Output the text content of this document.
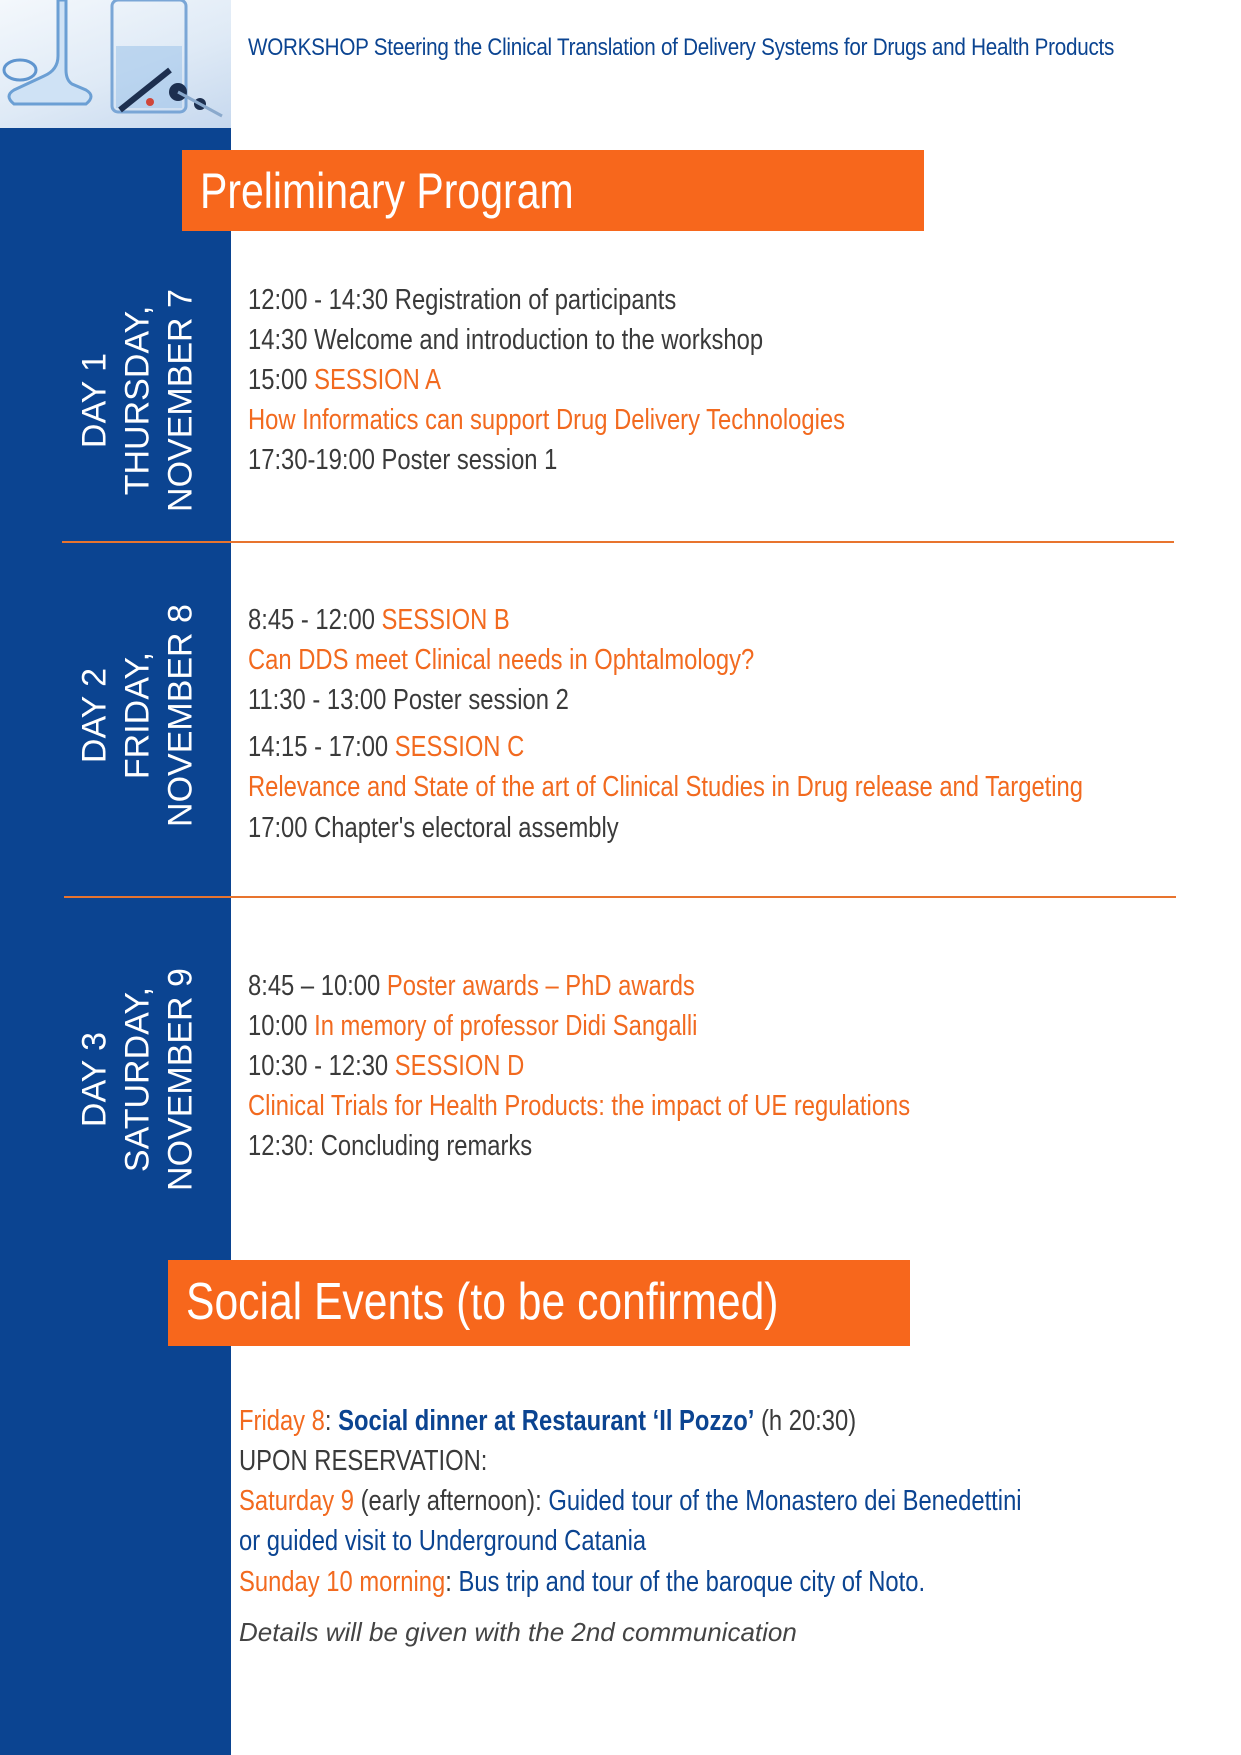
WORKSHOP Steering the Clinical Translation of Delivery Systems for Drugs and Health Products
Preliminary Program
DAY 1 THURSDAY, NOVEMBER 7 12:00 - 14:30 Registration of participants
14:30 Welcome and introduction to the workshop
15:00 SESSION A
How Informatics can support Drug Delivery Technologies
17:30-19:00 Poster session 1
DAY 2 FRIDAY, NOVEMBER 8 8:45 - 12:00 SESSION B
Can DDS meet Clinical needs in Ophtalmology?
11:30 - 13:00 Poster session 2
14:15 - 17:00 SESSION C
Relevance and State of the art of Clinical Studies in Drug release and Targeting
17:00 Chapter's electoral assembly
DAY 3 SATURDAY, NOVEMBER 9 8:45 – 10:00 Poster awards – PhD awards
10:00 In memory of professor Didi Sangalli
10:30 - 12:30 SESSION D
Clinical Trials for Health Products: the impact of UE regulations
12:30: Concluding remarks
Social Events (to be confirmed)
Friday 8: Social dinner at Restaurant ‘Il Pozzo’ (h 20:30)
UPON RESERVATION:
Saturday 9 (early afternoon): Guided tour of the Monastero dei Benedettini
or guided visit to Underground Catania
Sunday 10 morning: Bus trip and tour of the baroque city of Noto.
Details will be given with the 2nd communication
